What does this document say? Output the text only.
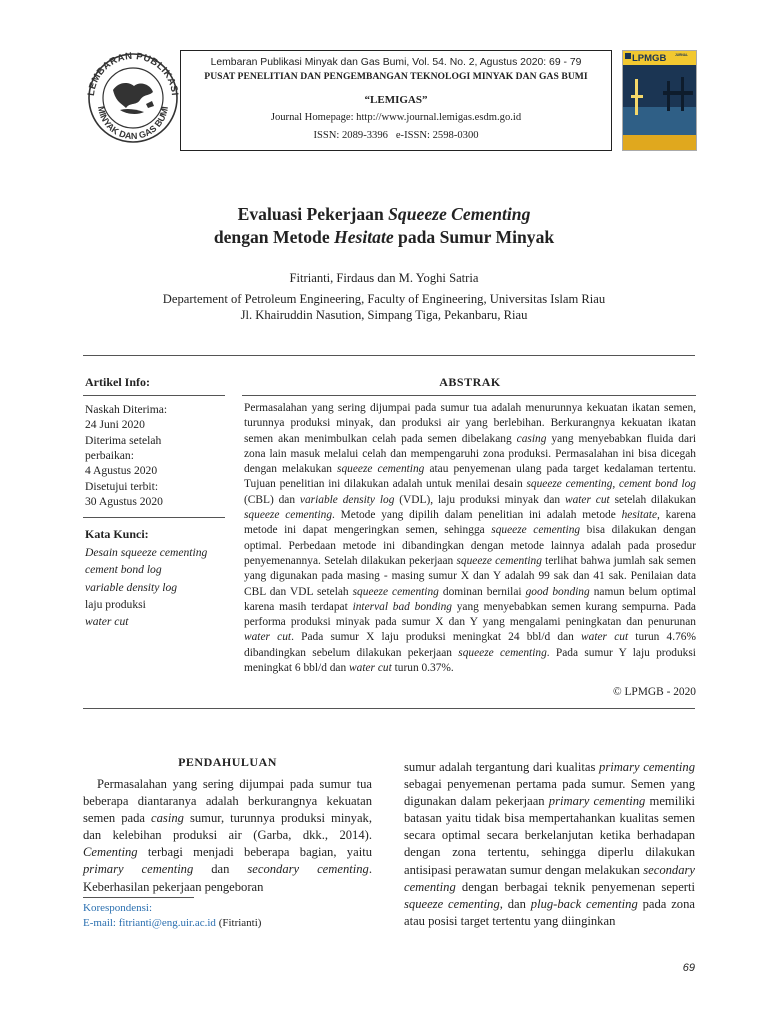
LEMBARAN PUBLIKASI
MINYAK DAN GAS BUMI
Lembaran Publikasi Minyak dan Gas Bumi, Vol. 54. No. 2, Agustus 2020: 69 - 79
PUSAT PENELITIAN DAN PENGEMBANGAN TEKNOLOGI MINYAK DAN GAS BUMI
“LEMIGAS”
Journal Homepage: http://www.journal.lemigas.esdm.go.id
ISSN: 2089-3396   e-ISSN: 2598-0300
LPMGB	JURNAL
Evaluasi Pekerjaan Squeeze Cementing
dengan Metode Hesitate pada Sumur Minyak
Fitrianti, Firdaus dan M. Yoghi Satria
Departement of Petroleum Engineering, Faculty of Engineering, Universitas Islam Riau
Jl. Khairuddin Nasution, Simpang Tiga, Pekanbaru, Riau
Artikel Info:
Naskah Diterima:
24 Juni 2020
Diterima setelah
perbaikan:
4 Agustus 2020
Disetujui terbit:
30 Agustus 2020
Kata Kunci:
Desain squeeze cementing
cement bond log
variable density log
laju produksi
water cut
ABSTRAK

Permasalahan yang sering dijumpai pada sumur tua adalah menurunnya kekuatan ikatan semen, turunnya produksi minyak, dan produksi air yang berlebihan. Berkurangnya kekuatan ikatan semen akan menimbulkan celah pada semen dibelakang casing yang menyebabkan fluida dari zona lain masuk melalui celah dan mempengaruhi zona produksi. Permasalahan ini bisa dicegah dengan melakukan squeeze cementing atau penyemenan ulang pada target kedalaman tertentu. Tujuan penelitian ini dilakukan adalah untuk menilai desain squeeze cementing, cement bond log (CBL) dan variable density log (VDL), laju produksi minyak dan water cut setelah dilakukan squeeze cementing. Metode yang dipilih dalam penelitian ini adalah metode hesitate, karena metode ini dapat mengeringkan semen, sehingga squeeze cementing bisa dilakukan dengan optimal. Perbedaan metode ini dibandingkan dengan metode lainnya adalah pada prosedur penyemenannya. Setelah dilakukan pekerjaan squeeze cementing terlihat bahwa jumlah sak semen yang digunakan pada masing - masing sumur X dan Y adalah 99 sak dan 41 sak. Penilaian data CBL dan VDL setelah squeeze cementing dominan bernilai good bonding namun belum optimal karena masih terdapat interval bad bonding yang menyebabkan semen kurang sempurna. Pada performa produksi minyak pada sumur X dan Y yang mengalami peningkatan dan penurunan water cut. Pada sumur X laju produksi meningkat 24 bbl/d dan water cut turun 4.76% dibandingkan sebelum dilakukan pekerjaan squeeze cementing. Pada sumur Y laju produksi meningkat 6 bbl/d dan water cut turun 0.37%.

© LPMGB - 2020
PENDAHULUAN

Permasalahan yang sering dijumpai pada sumur tua beberapa diantaranya adalah berkurangnya kekuatan semen pada casing sumur, turunnya produksi minyak, dan kelebihan produksi air (Garba, dkk., 2014). Cementing terbagi menjadi beberapa bagian, yaitu primary cementing dan secondary cementing. Keberhasilan pekerjaan pengeboran

sumur adalah tergantung dari kualitas primary cementing sebagai penyemenan pertama pada sumur. Semen yang digunakan dalam pekerjaan primary cementing memiliki batasan yaitu tidak bisa mempertahankan kualitas semen secara optimal secara berkelanjutan ketika berhadapan dengan zona tertentu, sehingga diperlu dilakukan antisipasi perawatan sumur dengan melakukan secondary cementing dengan berbagai teknik penyemenan seperti squeeze cementing, dan plug-back cementing pada zona atau posisi target tertentu yang diinginkan

Korespondensi:
E-mail: fitrianti@eng.uir.ac.id (Fitrianti)
69
